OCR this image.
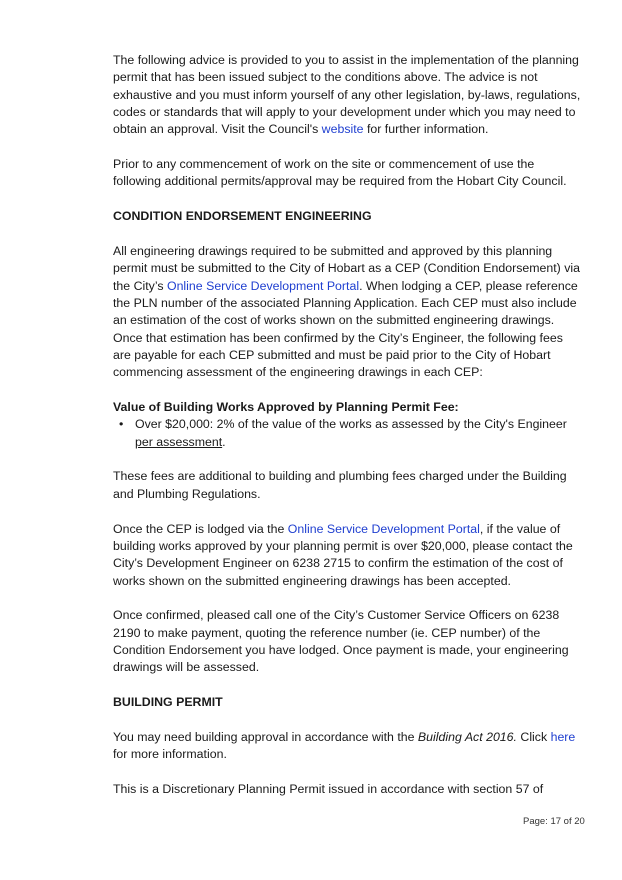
The following advice is provided to you to assist in the implementation of the planning permit that has been issued subject to the conditions above. The advice is not exhaustive and you must inform yourself of any other legislation, by-laws, regulations, codes or standards that will apply to your development under which you may need to obtain an approval. Visit the Council's website for further information.

Prior to any commencement of work on the site or commencement of use the following additional permits/approval may be required from the Hobart City Council.

CONDITION ENDORSEMENT ENGINEERING

All engineering drawings required to be submitted and approved by this planning permit must be submitted to the City of Hobart as a CEP (Condition Endorsement) via the City’s Online Service Development Portal. When lodging a CEP, please reference the PLN number of the associated Planning Application. Each CEP must also include an estimation of the cost of works shown on the submitted engineering drawings. Once that estimation has been confirmed by the City’s Engineer, the following fees are payable for each CEP submitted and must be paid prior to the City of Hobart commencing assessment of the engineering drawings in each CEP:

Value of Building Works Approved by Planning Permit Fee:

• Over $20,000: 2% of the value of the works as assessed by the City's Engineer per assessment.

These fees are additional to building and plumbing fees charged under the Building and Plumbing Regulations.

Once the CEP is lodged via the Online Service Development Portal, if the value of building works approved by your planning permit is over $20,000, please contact the City’s Development Engineer on 6238 2715 to confirm the estimation of the cost of works shown on the submitted engineering drawings has been accepted.

Once confirmed, pleased call one of the City’s Customer Service Officers on 6238 2190 to make payment, quoting the reference number (ie. CEP number) of the Condition Endorsement you have lodged. Once payment is made, your engineering drawings will be assessed.

BUILDING PERMIT

You may need building approval in accordance with the Building Act 2016. Click here for more information.

This is a Discretionary Planning Permit issued in accordance with section 57 of

Page: 17 of 20
